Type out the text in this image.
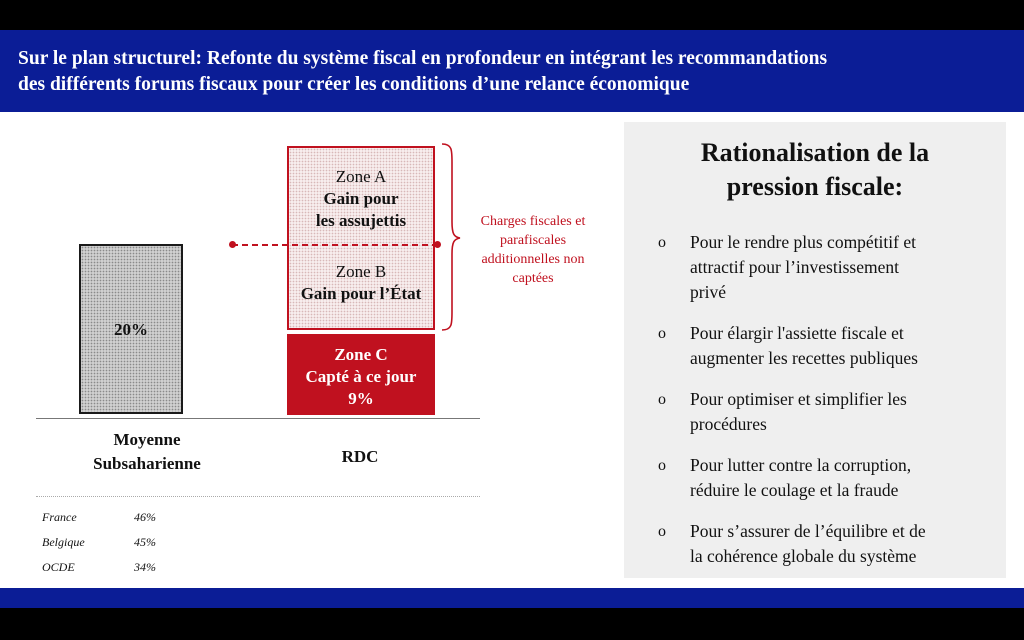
Sur le plan structurel: Refonte du système fiscal en profondeur en intégrant les recommandations
des différents forums fiscaux pour créer les conditions d’une relance économique
20%
Zone A
Gain pour
les assujettis
Zone B
Gain pour l’État
Zone C
Capté à ce jour
9%
Charges fiscales et
parafiscales
additionnelles non
captées
Moyenne
Subsaharienne	RDC
France	46%
Belgique	45%
OCDE	34%
Rationalisation de la
pression fiscale:
o Pour le rendre plus compétitif et
attractif pour l’investissement
privé
o Pour élargir l'assiette fiscale et
augmenter les recettes publiques
o Pour optimiser et simplifier les
procédures
o Pour lutter contre la corruption,
réduire le coulage et la fraude
o Pour s’assurer de l’équilibre et de
la cohérence globale du système
